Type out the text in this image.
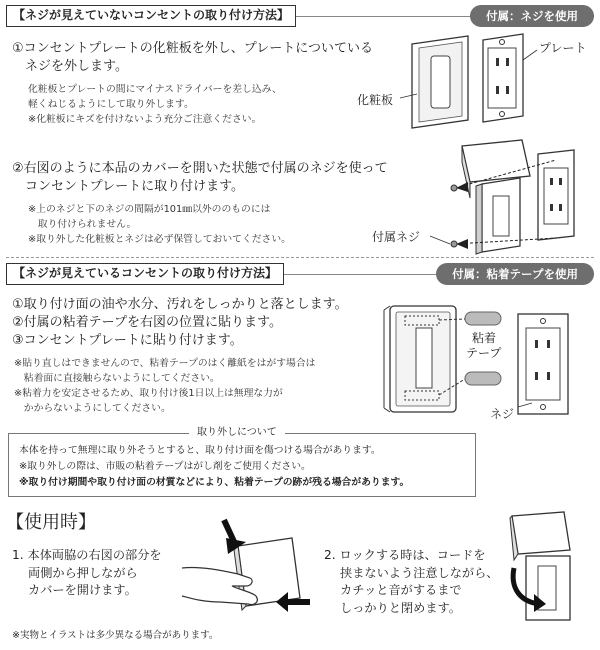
【ネジが見えていないコンセントの取り付け方法】	付属：ネジを使用
①コンセントプレートの化粧板を外し、プレートについている
　ネジを外します。
化粧板とプレートの間にマイナスドライバーを差し込み、
軽くねじるようにして取り外します。
※化粧板にキズを付けないよう充分ご注意ください。
プレート
化粧板
②右図のように本品のカバーを開いた状態で付属のネジを使って
　コンセントプレートに取り付けます。
※上のネジと下のネジの間隔が101㎜以外ののものには
　取り付けられません。
※取り外した化粧板とネジは必ず保管しておいてください。	付属ネジ
【ネジが見えているコンセントの取り付け方法】	付属：粘着テープを使用
①取り付け面の油や水分、汚れをしっかりと落とします。
②付属の粘着テープを右図の位置に貼ります。
③コンセントプレートに貼り付けます。
※貼り直しはできませんので、粘着テープのはく離紙をはがす場合は
　粘着面に直接触らないようにしてください。
※粘着力を安定させるため、取り付け後1日以上は無理な力が
　かからないようにしてください。
粘着
テープ
ネジ
取り外しについて
本体を持って無理に取り外そうとすると、取り付け面を傷つける場合があります。
※取り外しの際は、市販の粘着テープはがし剤をご使用ください。
※取り付け期間や取り付け面の材質などにより、粘着テープの跡が残る場合があります。
【使用時】
1. 本体両脇の右図の部分を
　 両側から押しながら
　 カバーを開けます。
2. ロックする時は、コードを
　 挟まないよう注意しながら、
　 カチッと音がするまで
　 しっかりと閉めます。
※実物とイラストは多少異なる場合があります。
